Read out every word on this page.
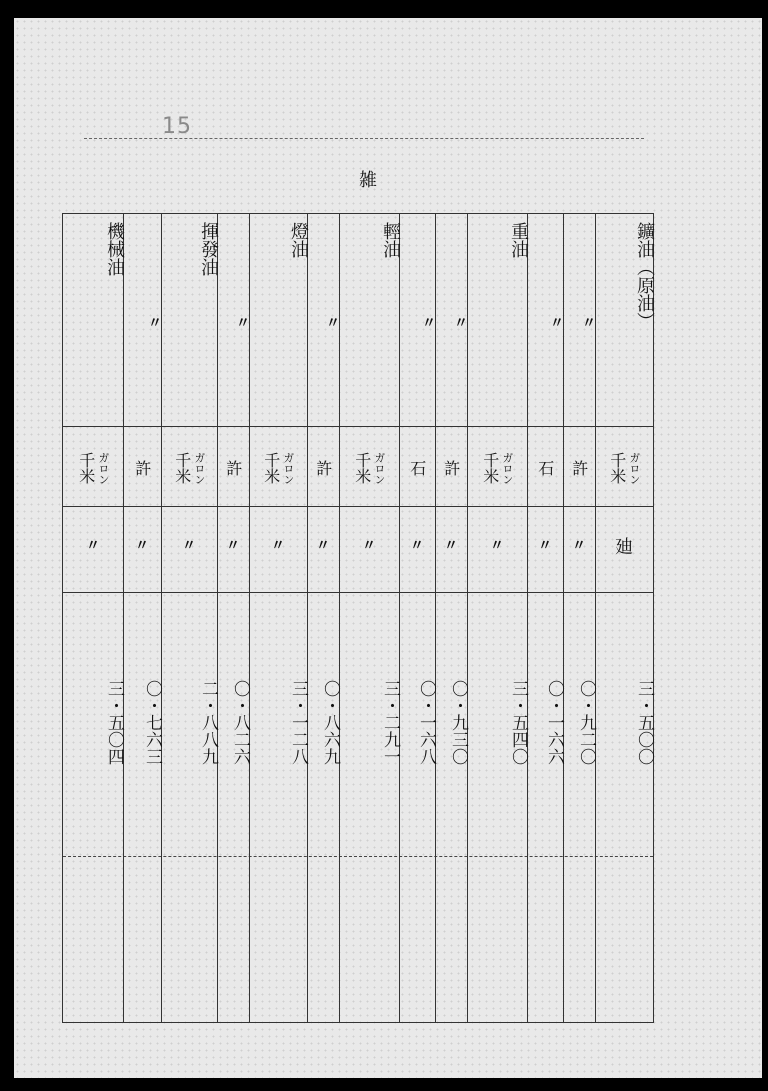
15
雑
鑛油（原油）
千米 ガロン
廸
三・五〇〇
〃
許
〃
〇・九二〇
〃
石
〃
〇・一六六
重油
千米 ガロン
〃
三・五四〇
〃
許
〃
〇・九三〇
〃
石
〃
〇・一六八
輕油
千米 ガロン
〃
三・二九一
〃
許
〃
〇・八六九
燈油
千米 ガロン
〃
三・一二八
〃
許
〃
〇・八二六
揮發油
千米 ガロン
〃
二・八八九
〃
許
〃
〇・七六三
機械油
千米 ガロン
〃
三・五〇四
